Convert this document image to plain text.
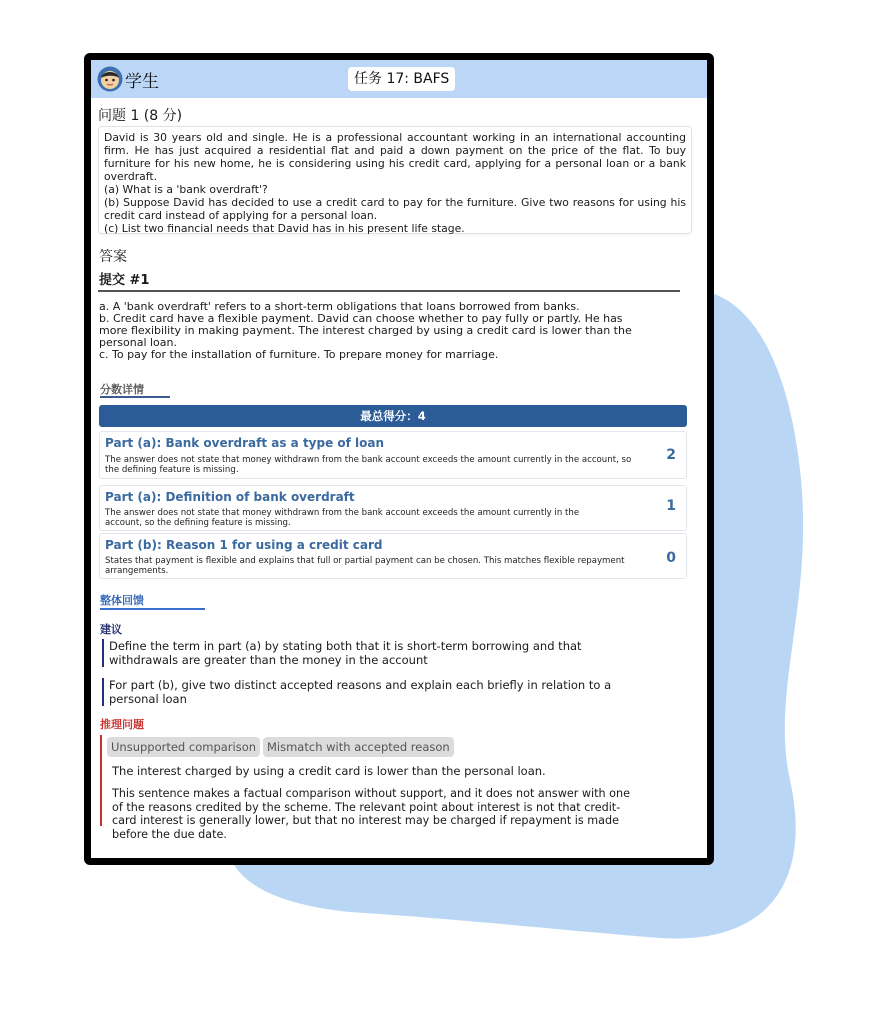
学生	任务 17: BAFS
问题 1 (8 分)

David is 30 years old and single. He is a professional accountant working in an international accounting firm. He has just acquired a residential flat and paid a down payment on the price of the flat. To buy furniture for his new home, he is considering using his credit card, applying for a personal loan or a bank overdraft.

(a) What is a 'bank overdraft'?

(b) Suppose David has decided to use a credit card to pay for the furniture. Give two reasons for using his credit card instead of applying for a personal loan.

(c) List two financial needs that David has in his present life stage.

答案
提交 #1

a. A 'bank overdraft' refers to a short-term obligations that loans borrowed from banks.

b. Credit card have a flexible payment. David can choose whether to pay fully or partly. He has more flexibility in making payment. The interest charged by using a credit card is lower than the personal loan.

c. To pay for the installation of furniture. To prepare money for marriage.

分数详情
最总得分：4
Part (a): Bank overdraft as a type of loan
The answer does not state that money withdrawn from the bank account exceeds the amount currently in the account, so the defining feature is missing.
2
Part (a): Definition of bank overdraft
The answer does not state that money withdrawn from the bank account exceeds the amount currently in the account, so the defining feature is missing.
1
Part (b): Reason 1 for using a credit card
States that payment is flexible and explains that full or partial payment can be chosen. This matches flexible repayment arrangements.
0
整体回馈
建议
Define the term in part (a) by stating both that it is short-term borrowing and that withdrawals are greater than the money in the account
For part (b), give two distinct accepted reasons and explain each briefly in relation to a personal loan
推理问题
Unsupported comparison Mismatch with accepted reason
The interest charged by using a credit card is lower than the personal loan.
This sentence makes a factual comparison without support, and it does not answer with one of the reasons credited by the scheme. The relevant point about interest is not that credit-card interest is generally lower, but that no interest may be charged if repayment is made before the due date.
